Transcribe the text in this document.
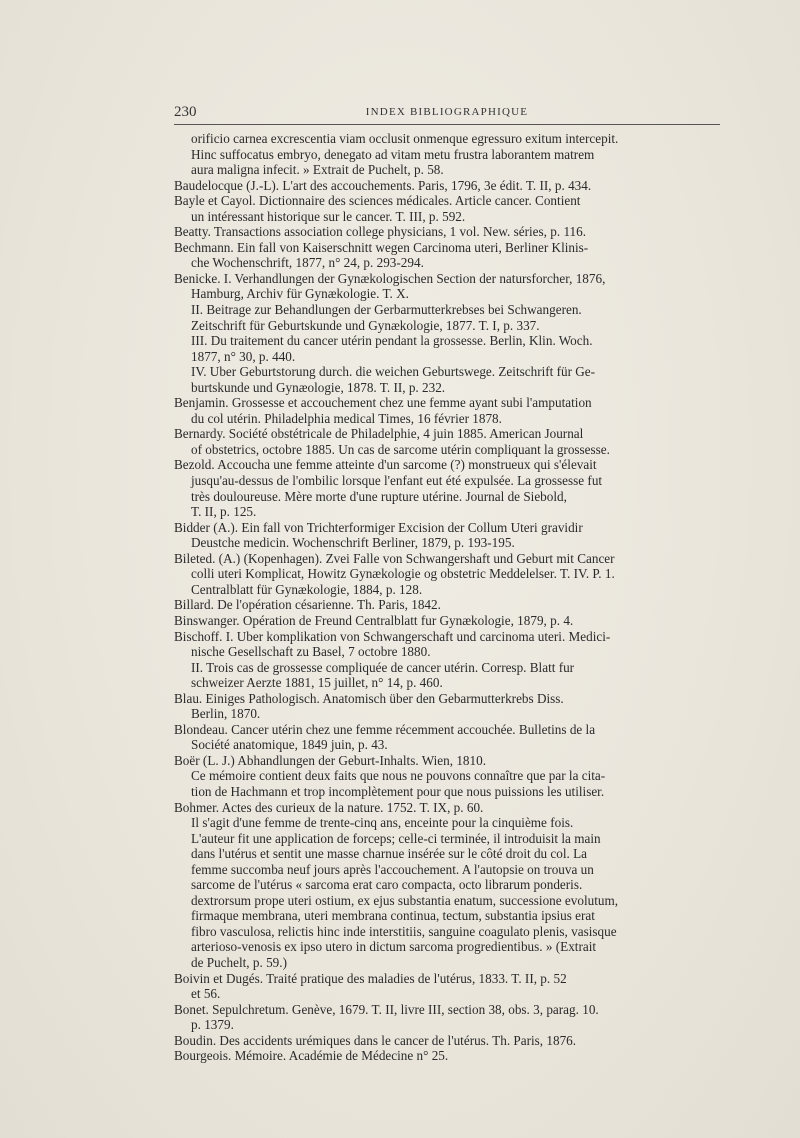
230	INDEX BIBLIOGRAPHIQUE
orificio carnea excrescentia viam occlusit onmenque egressuro exitum intercepit.
Hinc suffocatus embryo, denegato ad vitam metu frustra laborantem matrem
aura maligna infecit. » Extrait de Puchelt, p. 58.
Baudelocque (J.-L). L'art des accouchements. Paris, 1796, 3e édit. T. II, p. 434.
Bayle et Cayol. Dictionnaire des sciences médicales. Article cancer. Contient
un intéressant historique sur le cancer. T. III, p. 592.
Beatty. Transactions association college physicians, 1 vol. New. séries, p. 116.
Bechmann. Ein fall von Kaiserschnitt wegen Carcinoma uteri, Berliner Klinis-
che Wochenschrift, 1877, n° 24, p. 293-294.
Benicke. I. Verhandlungen der Gynækologischen Section der natursforcher, 1876,
Hamburg, Archiv für Gynækologie. T. X.
II. Beitrage zur Behandlungen der Gerbarmutterkrebses bei Schwangeren.
Zeitschrift für Geburtskunde und Gynækologie, 1877. T. I, p. 337.
III. Du traitement du cancer utérin pendant la grossesse. Berlin, Klin. Woch.
1877, n° 30, p. 440.
IV. Uber Geburtstorung durch. die weichen Geburtswege. Zeitschrift für Ge-
burtskunde und Gynæologie, 1878. T. II, p. 232.
Benjamin. Grossesse et accouchement chez une femme ayant subi l'amputation
du col utérin. Philadelphia medical Times, 16 février 1878.
Bernardy. Société obstétricale de Philadelphie, 4 juin 1885. American Journal
of obstetrics, octobre 1885. Un cas de sarcome utérin compliquant la grossesse.
Bezold. Accoucha une femme atteinte d'un sarcome (?) monstrueux qui s'élevait
jusqu'au-dessus de l'ombilic lorsque l'enfant eut été expulsée. La grossesse fut
très douloureuse. Mère morte d'une rupture utérine. Journal de Siebold,
T. II, p. 125.
Bidder (A.). Ein fall von Trichterformiger Excision der Collum Uteri gravidir
Deustche medicin. Wochenschrift Berliner, 1879, p. 193-195.
Bileted. (A.) (Kopenhagen). Zvei Falle von Schwangershaft und Geburt mit Cancer
colli uteri Komplicat, Howitz Gynækologie og obstetric Meddelelser. T. IV. P. 1.
Centralblatt für Gynækologie, 1884, p. 128.
Billard. De l'opération césarienne. Th. Paris, 1842.
Binswanger. Opération de Freund Centralblatt fur Gynækologie, 1879, p. 4.
Bischoff. I. Uber komplikation von Schwangerschaft und carcinoma uteri. Medici-
nische Gesellschaft zu Basel, 7 octobre 1880.
II. Trois cas de grossesse compliquée de cancer utérin. Corresp. Blatt fur
schweizer Aerzte 1881, 15 juillet, n° 14, p. 460.
Blau. Einiges Pathologisch. Anatomisch über den Gebarmutterkrebs Diss.
Berlin, 1870.
Blondeau. Cancer utérin chez une femme récemment accouchée. Bulletins de la
Société anatomique, 1849 juin, p. 43.
Boër (L. J.) Abhandlungen der Geburt-Inhalts. Wien, 1810.
Ce mémoire contient deux faits que nous ne pouvons connaître que par la cita-
tion de Hachmann et trop incomplètement pour que nous puissions les utiliser.
Bohmer. Actes des curieux de la nature. 1752. T. IX, p. 60.
Il s'agit d'une femme de trente-cinq ans, enceinte pour la cinquième fois.
L'auteur fit une application de forceps; celle-ci terminée, il introduisit la main
dans l'utérus et sentit une masse charnue insérée sur le côté droit du col. La
femme succomba neuf jours après l'accouchement. A l'autopsie on trouva un
sarcome de l'utérus « sarcoma erat caro compacta, octo librarum ponderis.
dextrorsum prope uteri ostium, ex ejus substantia enatum, successione evolutum,
firmaque membrana, uteri membrana continua, tectum, substantia ipsius erat
fibro vasculosa, relictis hinc inde interstitiis, sanguine coagulato plenis, vasisque
arterioso-venosis ex ipso utero in dictum sarcoma progredientibus. » (Extrait
de Puchelt, p. 59.)
Boivin et Dugés. Traité pratique des maladies de l'utérus, 1833. T. II, p. 52
et 56.
Bonet. Sepulchretum. Genève, 1679. T. II, livre III, section 38, obs. 3, parag. 10.
p. 1379.
Boudin. Des accidents urémiques dans le cancer de l'utérus. Th. Paris, 1876.
Bourgeois. Mémoire. Académie de Médecine n° 25.
